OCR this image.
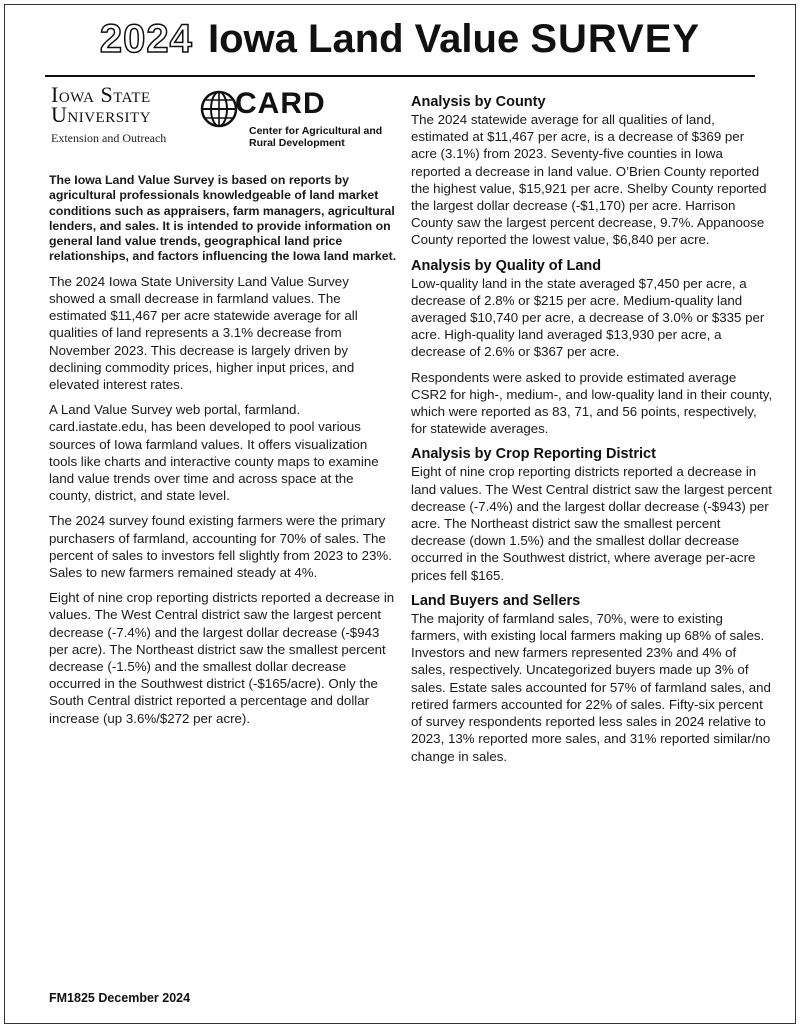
2024 Iowa Land Value SURVEY
Iowa State
University
Extension and Outreach
CARD
Center for Agricultural and Rural Development

The Iowa Land Value Survey is based on reports by agricultural professionals knowledgeable of land market conditions such as appraisers, farm managers, agricultural lenders, and sales. It is intended to provide information on general land value trends, geographical land price relationships, and factors influencing the Iowa land market.

The 2024 Iowa State University Land Value Survey showed a small decrease in farmland values. The estimated $11,467 per acre statewide average for all qualities of land represents a 3.1% decrease from November 2023. This decrease is largely driven by declining commodity prices, higher input prices, and elevated interest rates.

A Land Value Survey web portal, farmland. card.iastate.edu, has been developed to pool various sources of Iowa farmland values. It offers visualization tools like charts and interactive county maps to examine land value trends over time and across space at the county, district, and state level.

The 2024 survey found existing farmers were the primary purchasers of farmland, accounting for 70% of sales. The percent of sales to investors fell slightly from 2023 to 23%. Sales to new farmers remained steady at 4%.

Eight of nine crop reporting districts reported a decrease in values. The West Central district saw the largest percent decrease (-7.4%) and the largest dollar decrease (-$943 per acre). The Northeast district saw the smallest percent decrease (-1.5%) and the smallest dollar decrease occurred in the Southwest district (-$165/acre). Only the South Central district reported a percentage and dollar increase (up 3.6%/$272 per acre).

Analysis by County

The 2024 statewide average for all qualities of land, estimated at $11,467 per acre, is a decrease of $369 per acre (3.1%) from 2023. Seventy-five counties in Iowa reported a decrease in land value. O’Brien County reported the highest value, $15,921 per acre. Shelby County reported the largest dollar decrease (-$1,170) per acre. Harrison County saw the largest percent decrease, 9.7%. Appanoose County reported the lowest value, $6,840 per acre.

Analysis by Quality of Land

Low-quality land in the state averaged $7,450 per acre, a decrease of 2.8% or $215 per acre. Medium-quality land averaged $10,740 per acre, a decrease of 3.0% or $335 per acre. High-quality land averaged $13,930 per acre, a decrease of 2.6% or $367 per acre.

Respondents were asked to provide estimated average CSR2 for high-, medium-, and low-quality land in their county, which were reported as 83, 71, and 56 points, respectively, for statewide averages.

Analysis by Crop Reporting District

Eight of nine crop reporting districts reported a decrease in land values. The West Central district saw the largest percent decrease (-7.4%) and the largest dollar decrease (-$943) per acre. The Northeast district saw the smallest percent decrease (down 1.5%) and the smallest dollar decrease occurred in the Southwest district, where average per-acre prices fell $165.

Land Buyers and Sellers

The majority of farmland sales, 70%, were to existing farmers, with existing local farmers making up 68% of sales. Investors and new farmers represented 23% and 4% of sales, respectively. Uncategorized buyers made up 3% of sales. Estate sales accounted for 57% of farmland sales, and retired farmers accounted for 22% of sales. Fifty-six percent of survey respondents reported less sales in 2024 relative to 2023, 13% reported more sales, and 31% reported similar/no change in sales.

FM1825 December 2024
